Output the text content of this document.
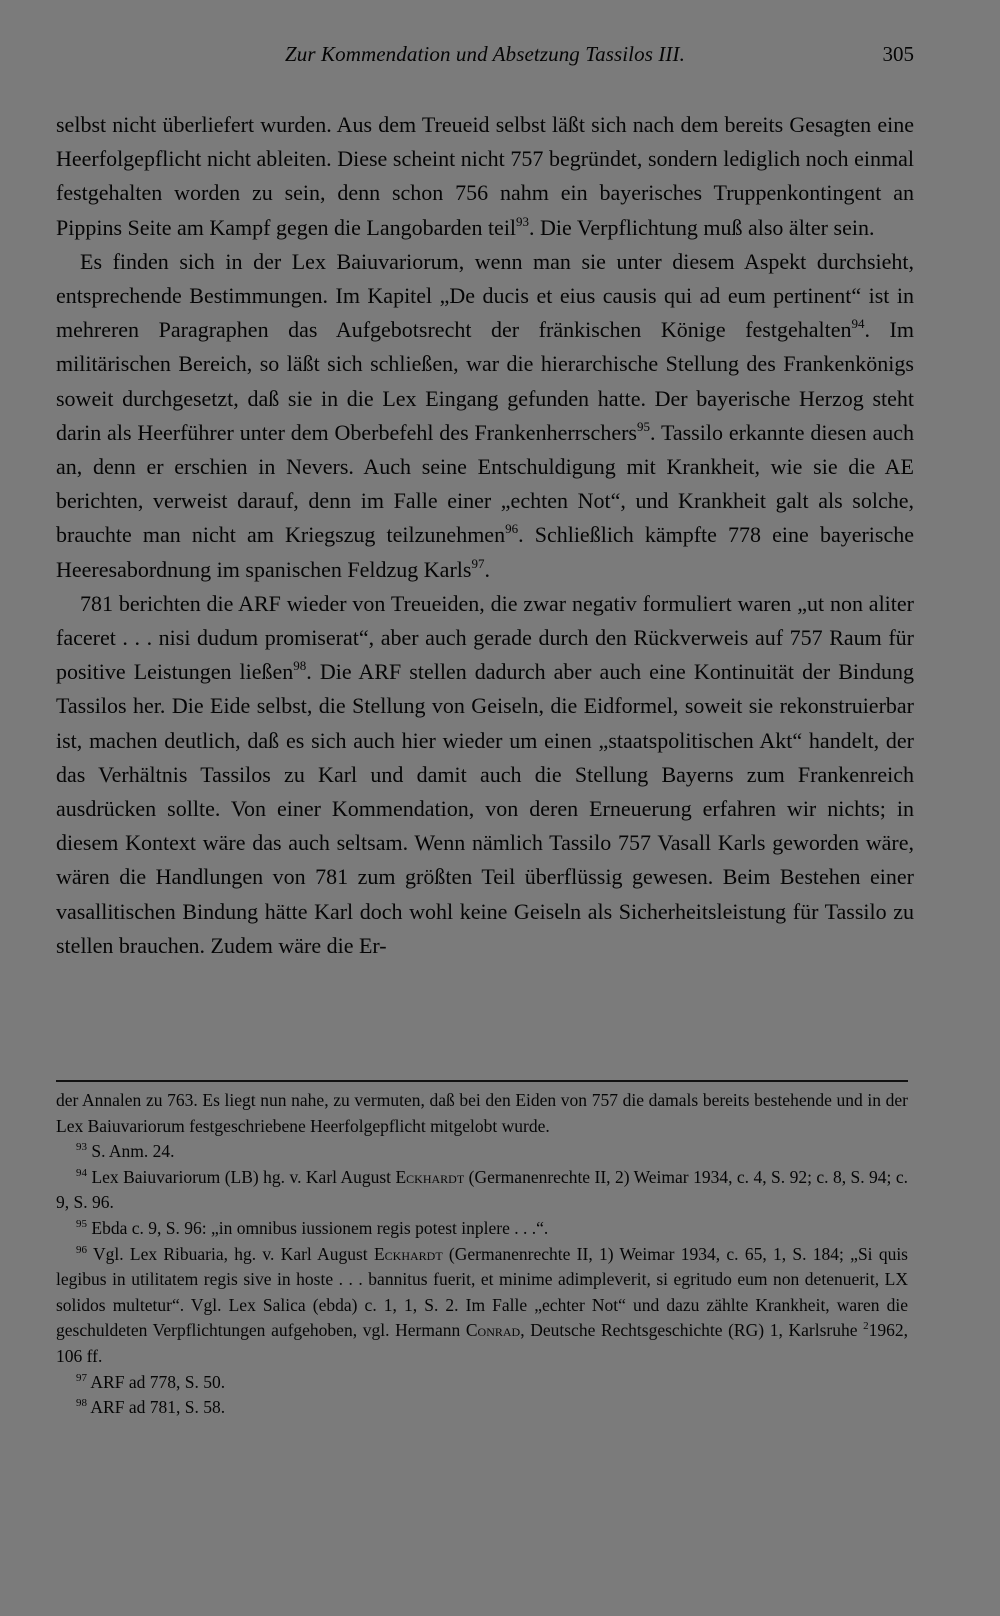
Zur Kommendation und Absetzung Tassilos III.	305

selbst nicht überliefert wurden. Aus dem Treueid selbst läßt sich nach dem bereits Gesagten eine Heerfolgepflicht nicht ableiten. Diese scheint nicht 757 begründet, sondern lediglich noch einmal festgehalten worden zu sein, denn schon 756 nahm ein bayerisches Truppenkontingent an Pippins Seite am Kampf gegen die Langobarden teil$^{93}$. Die Verpflichtung muß also älter sein.

Es finden sich in der Lex Baiuvariorum, wenn man sie unter diesem Aspekt durchsieht, entsprechende Bestimmungen. Im Kapitel „De ducis et eius causis qui ad eum pertinent“ ist in mehreren Paragraphen das Aufgebotsrecht der fränkischen Könige festgehalten$^{94}$. Im militärischen Bereich, so läßt sich schließen, war die hierarchische Stellung des Frankenkönigs soweit durchgesetzt, daß sie in die Lex Eingang gefunden hatte. Der bayerische Herzog steht darin als Heerführer unter dem Oberbefehl des Frankenherrschers$^{95}$. Tassilo erkannte diesen auch an, denn er erschien in Nevers. Auch seine Entschuldigung mit Krankheit, wie sie die AE berichten, verweist darauf, denn im Falle einer „echten Not“, und Krankheit galt als solche, brauchte man nicht am Kriegszug teilzunehmen$^{96}$. Schließlich kämpfte 778 eine bayerische Heeresabordnung im spanischen Feldzug Karls$^{97}$.

781 berichten die ARF wieder von Treueiden, die zwar negativ formuliert waren „ut non aliter faceret . . . nisi dudum promiserat“, aber auch gerade durch den Rückverweis auf 757 Raum für positive Leistungen ließen$^{98}$. Die ARF stellen dadurch aber auch eine Kontinuität der Bindung Tassilos her. Die Eide selbst, die Stellung von Geiseln, die Eidformel, soweit sie rekonstruierbar ist, machen deutlich, daß es sich auch hier wieder um einen „staatspolitischen Akt“ handelt, der das Verhältnis Tassilos zu Karl und damit auch die Stellung Bayerns zum Frankenreich ausdrücken sollte. Von einer Kommendation, von deren Erneuerung erfahren wir nichts; in diesem Kontext wäre das auch seltsam. Wenn nämlich Tassilo 757 Vasall Karls geworden wäre, wären die Handlungen von 781 zum größten Teil überflüssig gewesen. Beim Bestehen einer vasallitischen Bindung hätte Karl doch wohl keine Geiseln als Sicherheitsleistung für Tassilo zu stellen brauchen. Zudem wäre die Er-

der Annalen zu 763. Es liegt nun nahe, zu vermuten, daß bei den Eiden von 757 die damals bereits bestehende und in der Lex Baiuvariorum festgeschriebene Heerfolgepflicht mitgelobt wurde.

$^{93}$ S. Anm. 24.

$^{94}$ Lex Baiuvariorum (LB) hg. v. Karl August Eckhardt (Germanenrechte II, 2) Weimar 1934, c. 4, S. 92; c. 8, S. 94; c. 9, S. 96.

$^{95}$ Ebda c. 9, S. 96: „in omnibus iussionem regis potest inplere . . .“.

$^{96}$ Vgl. Lex Ribuaria, hg. v. Karl August Eckhardt (Germanenrechte II, 1) Weimar 1934, c. 65, 1, S. 184; „Si quis legibus in utilitatem regis sive in hoste . . . bannitus fuerit, et minime adimpleverit, si egritudo eum non detenuerit, LX solidos multetur“. Vgl. Lex Salica (ebda) c. 1, 1, S. 2. Im Falle „echter Not“ und dazu zählte Krankheit, waren die geschuldeten Verpflichtungen aufgehoben, vgl. Hermann Conrad, Deutsche Rechtsgeschichte (RG) 1, Karlsruhe $^2$1962, 106 ff.

$^{97}$ ARF ad 778, S. 50.

$^{98}$ ARF ad 781, S. 58.
